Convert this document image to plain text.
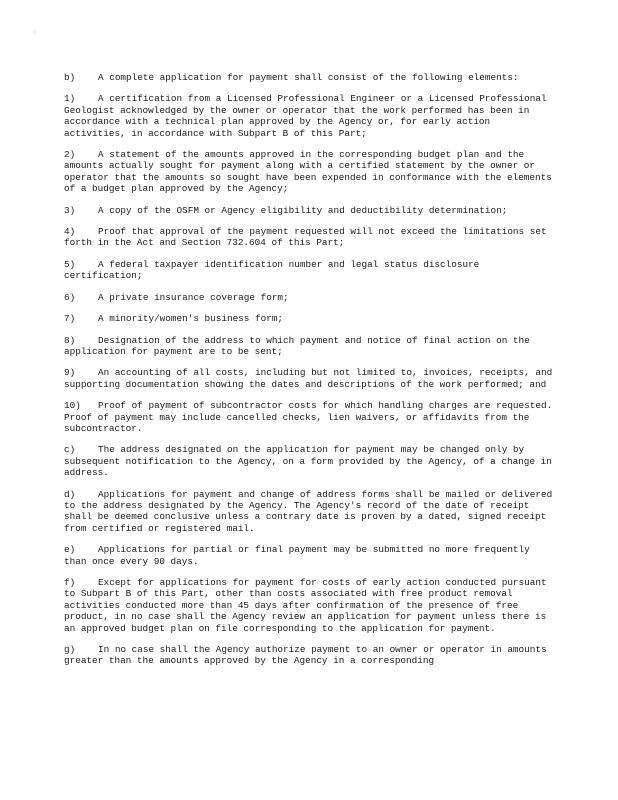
·

b) A complete application for payment shall consist of the following elements:

1) A certification from a Licensed Professional Engineer or a Licensed Professional Geologist acknowledged by the owner or operator that the work performed has been in accordance with a technical plan approved by the Agency or, for early action activities, in accordance with Subpart B of this Part;

2) A statement of the amounts approved in the corresponding budget plan and the amounts actually sought for payment along with a certified statement by the owner or operator that the amounts so sought have been expended in conformance with the elements of a budget plan approved by the Agency;

3) A copy of the OSFM or Agency eligibility and deductibility determination;

4) Proof that approval of the payment requested will not exceed the limitations set forth in the Act and Section 732.604 of this Part;

5) A federal taxpayer identification number and legal status disclosure certification;

6) A private insurance coverage form;

7) A minority/women's business form;

8) Designation of the address to which payment and notice of final action on the application for payment are to be sent;

9) An accounting of all costs, including but not limited to, invoices, receipts, and supporting documentation showing the dates and descriptions of the work performed; and

10) Proof of payment of subcontractor costs for which handling charges are requested. Proof of payment may include cancelled checks, lien waivers, or affidavits from the subcontractor.

c) The address designated on the application for payment may be changed only by subsequent notification to the Agency, on a form provided by the Agency, of a change in address.

d) Applications for payment and change of address forms shall be mailed or delivered to the address designated by the Agency. The Agency's record of the date of receipt shall be deemed conclusive unless a contrary date is proven by a dated, signed receipt from certified or registered mail.

e) Applications for partial or final payment may be submitted no more frequently than once every 90 days.

f) Except for applications for payment for costs of early action conducted pursuant to Subpart B of this Part, other than costs associated with free product removal activities conducted more than 45 days after confirmation of the presence of free product, in no case shall the Agency review an application for payment unless there is an approved budget plan on file corresponding to the application for payment.

g) In no case shall the Agency authorize payment to an owner or operator in amounts greater than the amounts approved by the Agency in a corresponding
